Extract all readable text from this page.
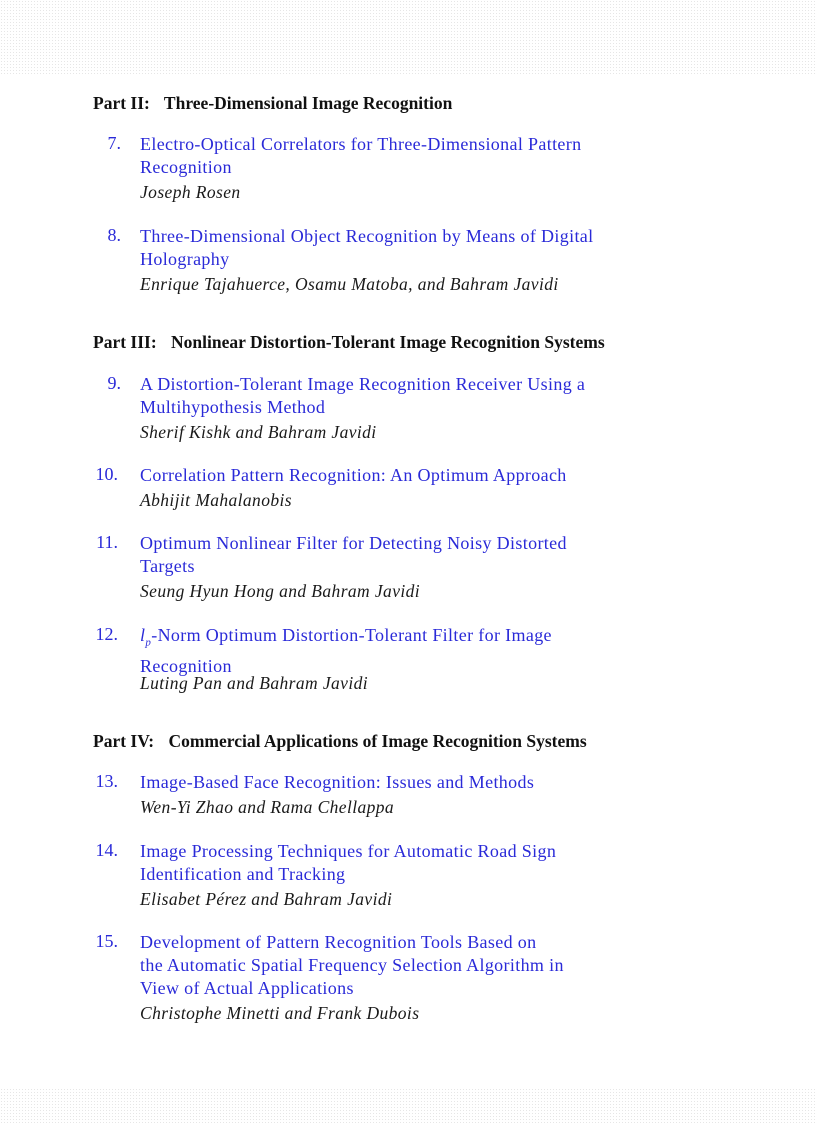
Part II: Three-Dimensional Image Recognition
7. Electro-Optical Correlators for Three-Dimensional Pattern
Recognition
Joseph Rosen
8. Three-Dimensional Object Recognition by Means of Digital
Holography
Enrique Tajahuerce, Osamu Matoba, and Bahram Javidi
Part III: Nonlinear Distortion-Tolerant Image Recognition Systems
9. A Distortion-Tolerant Image Recognition Receiver Using a
Multihypothesis Method
Sherif Kishk and Bahram Javidi
10. Correlation Pattern Recognition: An Optimum Approach
Abhijit Mahalanobis
11. Optimum Nonlinear Filter for Detecting Noisy Distorted
Targets
Seung Hyun Hong and Bahram Javidi
12. $l_p$-Norm Optimum Distortion-Tolerant Filter for Image
Recognition
Luting Pan and Bahram Javidi
Part IV: Commercial Applications of Image Recognition Systems
13. Image-Based Face Recognition: Issues and Methods
Wen-Yi Zhao and Rama Chellappa
14. Image Processing Techniques for Automatic Road Sign
Identification and Tracking
Elisabet Pérez and Bahram Javidi
15. Development of Pattern Recognition Tools Based on
the Automatic Spatial Frequency Selection Algorithm in
View of Actual Applications
Christophe Minetti and Frank Dubois
